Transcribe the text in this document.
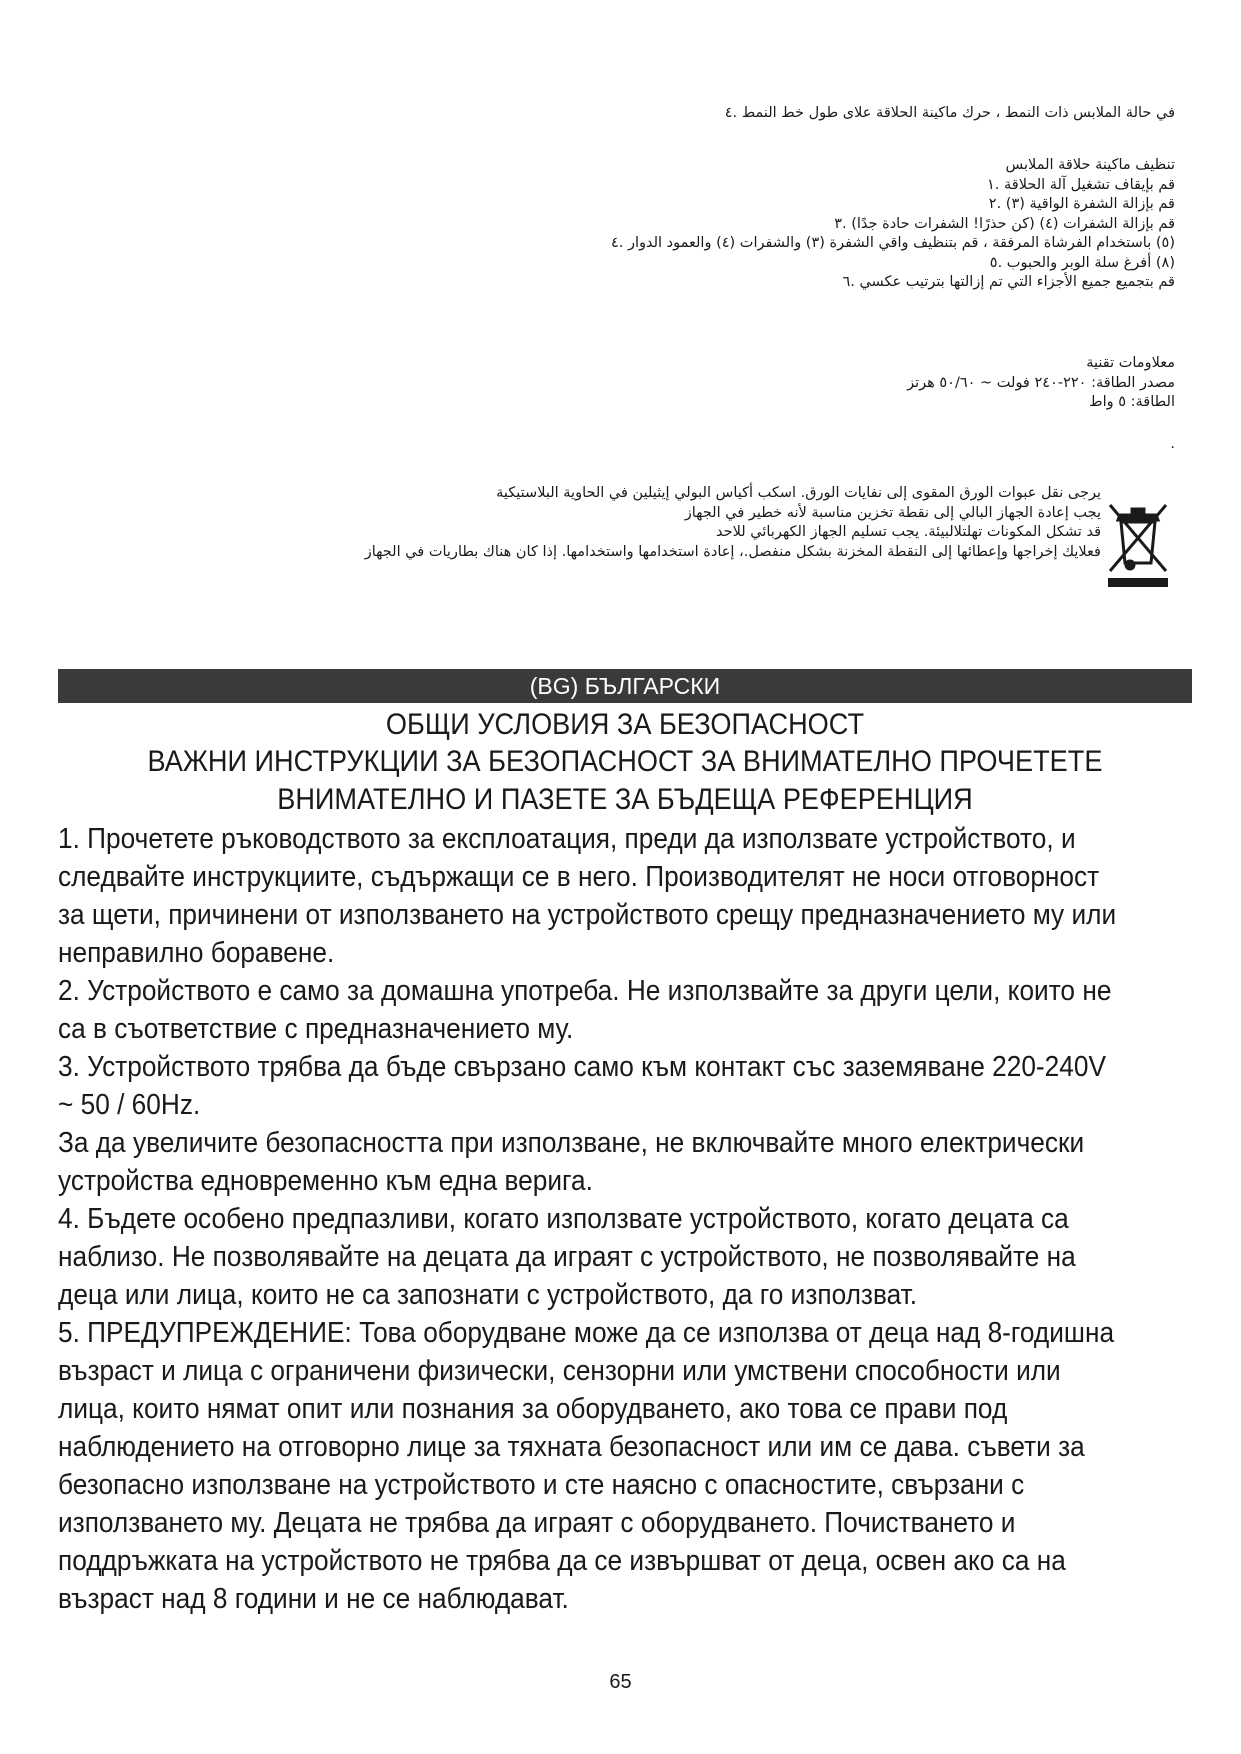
في حالة الملابس ذات النمط ، حرك ماكينة الحلاقة علاى طول خط النمط .٤
تنظيف ماكينة حلاقة الملابس
قم بإيقاف تشغيل آلة الحلاقة .١
قم بإزالة الشفرة الواقية (٣) .٢
قم بإزالة الشفرات (٤) (كن حذرًا! الشفرات حادة جدًا) .٣
(٥) باستخدام الفرشاة المرفقة ، قم بتنظيف واقي الشفرة (٣) والشفرات (٤) والعمود الدوار .٤
(٨) أفرغ سلة الوبر والحبوب .٥
قم بتجميع جميع الأجزاء التي تم إزالتها بترتيب عكسي .٦
معلاومات تقنية
مصدر الطاقة: ٢٢٠-٢٤٠ فولت ~ ٥٠/٦٠ هرتز
الطاقة: ٥ واط
.
يرجى نقل عبوات الورق المقوى إلى نفايات الورق. اسكب أكياس البولي إيثيلين في الحاوية البلاستيكية
يجب إعادة الجهاز البالي إلى نقطة تخزين مناسبة لأنه خطير في الجهاز
قد تشكل المكونات تهلتلالبيئة. يجب تسليم الجهاز الكهربائي للاحد
فعلايك إخراجها وإعطائها إلى النقطة المخزنة بشكل منفصل.، إعادة استخدامها واستخدامها. إذا كان هناك بطاريات في الجهاز
(BG) БЪЛГАРСКИ
ОБЩИ УСЛОВИЯ ЗА БЕЗОПАСНОСТ
ВАЖНИ ИНСТРУКЦИИ ЗА БЕЗОПАСНОСТ ЗА ВНИМАТЕЛНО ПРОЧЕТЕТЕ
ВНИМАТЕЛНО И ПАЗЕТЕ ЗА БЪДЕЩА РЕФЕРЕНЦИЯ

1. Прочетете ръководството за експлоатация, преди да използвате устройството, и следвайте инструкциите, съдържащи се в него. Производителят не носи отговорност за щети, причинени от използването на устройството срещу предназначението му или неправилно боравене.

2. Устройството е само за домашна употреба. Не използвайте за други цели, които не са в съответствие с предназначението му.

3. Устройството трябва да бъде свързано само към контакт със заземяване 220-240V ~ 50 / 60Hz.

За да увеличите безопасността при използване, не включвайте много електрически устройства едновременно към една верига.

4. Бъдете особено предпазливи, когато използвате устройството, когато децата са наблизо. Не позволявайте на децата да играят с устройството, не позволявайте на деца или лица, които не са запознати с устройството, да го използват.

5. ПРЕДУПРЕЖДЕНИЕ: Това оборудване може да се използва от деца над 8-годишна възраст и лица с ограничени физически, сензорни или умствени способности или лица, които нямат опит или познания за оборудването, ако това се прави под наблюдението на отговорно лице за тяхната безопасност или им се дава. съвети за безопасно използване на устройството и сте наясно с опасностите, свързани с използването му. Децата не трябва да играят с оборудването. Почистването и поддръжката на устройството не трябва да се извършват от деца, освен ако са на възраст над 8 години и не се наблюдават.

65
